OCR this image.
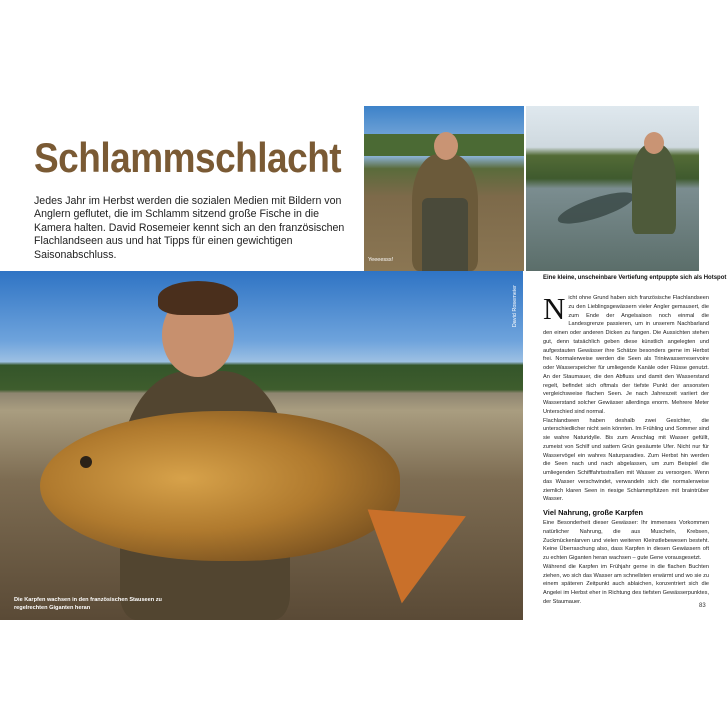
Schlammschlacht
Jedes Jahr im Herbst werden die sozialen Medien mit Bildern von Anglern geflutet, die im Schlamm sitzend große Fische in die Kamera halten. David Rosemeier kennt sich an den französischen Flachlandseen aus und hat Tipps für einen gewichtigen Saisonabschluss.	Yeeeesss!
Die Karpfen wachsen in den französischen Stauseen zu regelrechten Giganten heran
David Rosemeier
Eine kleine, unscheinbare Vertiefung entpuppte sich als Hotspot
N icht ohne Grund haben sich französische Flachlandseen zu den Lieblingsgewässern vieler Angler gemausert, die zum Ende der Angelsaison noch einmal die Landesgrenze passieren, um in unserem Nachbarland den einen oder anderen Dicken zu fangen. Die Aussichten stehen gut, denn tatsächlich geben diese künstlich angelegten und aufgestauten Gewässer ihre Schätze besonders gerne im Herbst frei. Normalerweise werden die Seen als Trinkwasserreservoire oder Wasserspeicher für umliegende Kanäle oder Flüsse genutzt. An der Staumauer, die den Abfluss und damit den Wasserstand regelt, befindet sich oftmals der tiefste Punkt der ansonsten vergleichsweise flachen Seen. Je nach Jahreszeit variiert der Wasserstand solcher Gewässer allerdings enorm. Mehrere Meter Unterschied sind normal.

Flachlandseen haben deshalb zwei Gesichter, die unterschiedlicher nicht sein könnten. Im Frühling und Sommer sind sie wahre Naturidylle. Bis zum Anschlag mit Wasser gefüllt, zumeist von Schilf und sattem Grün gesäumte Ufer. Nicht nur für Wasservögel ein wahres Naturparadies. Zum Herbst hin werden die Seen nach und nach abgelassen, um zum Beispiel die umliegenden Schifffahrtsstraßen mit Wasser zu versorgen. Wenn das Wasser verschwindet, verwandeln sich die normalerweise ziemlich klaren Seen in riesige Schlammpfützen mit braintrüber Wasser.

Viel Nahrung, große Karpfen

Eine Besonderheit dieser Gewässer: Ihr immenses Vorkommen natürlicher Nahrung, die aus Muscheln, Krebsen, Zuckmückenlarven und vielen weiteren Kleinstlebewesen besteht. Keine Überraschung also, dass Karpfen in diesen Gewässern oft zu echten Giganten heran wachsen – gute Gene vorausgesetzt.

Während die Karpfen im Frühjahr gerne in die flachen Buchten ziehen, wo sich das Wasser am schnellsten erwärmt und wo sie zu einem späteren Zeitpunkt auch ablaichen, konzentriert sich die Angelei im Herbst eher in Richtung des tiefsten Gewässerpunktes, der Staumauer.

83
